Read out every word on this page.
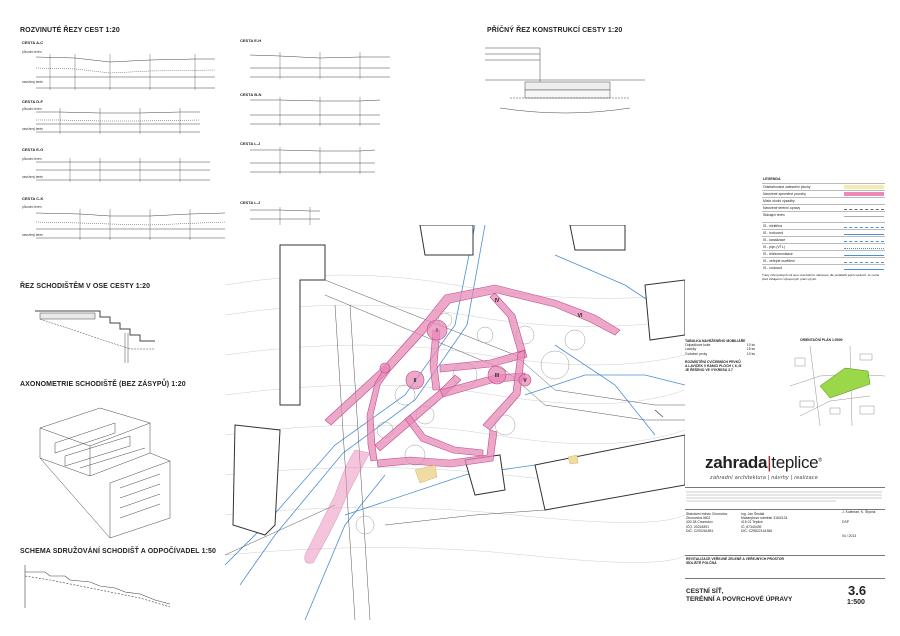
ROZVINUTÉ ŘEZY CEST 1:20	PŘÍČNÝ ŘEZ KONSTRUKCÍ CESTY 1:20
ŘEZ SCHODIŠTĚM V OSE CESTY 1:20
AXONOMETRIE SCHODIŠTĚ (BEZ ZÁSYPŮ) 1:20
SCHEMA SDRUŽOVÁNÍ SCHODIŠŤ A ODPOČÍVADEL 1:50
CESTA A-C
CESTA D-F
CESTA E-G
CESTA C-K
původní terén
navržený terén
původní terén
navržený terén
původní terén
navržený terén
původní terén
navržený terén
CESTA E-H
CESTA B-N
CESTA L-J
CESTA L-J
I
II
III
IV
V
VI
LEGENDA
Odstraňované zálesnění plochy
Navržené zpevněné povrchy
Místo okolní výsadby
Navržené terénní úpravy
Stávající terén
IS - elektřina
IS - horkovod
IS - kanalizace
IS - plyn (VTL)
IS - telekomunikace
IS - veřejné osvětlení
IS - vodovod
Trasy inženýrských sítí jsou orientačním zákresem dle podkladů jejich správců. Je nutné před zahájením výkopových prací vytyčit.
TABULKA NAVRŽENÉHO MOBILIÁŘE
Odpadkové koše	10 ks
Lavičky	15 ks
Cvičební prvky	10 ks
ROZMÍSTĚNÍ CVIČEBNÍCH PRVKŮ
A LAVIČEK V RÁMCI PLOCH I, II, III
JE ŘEŠENO VE VÝKRESU 3.7
ORIENTAČNÍ PLÁN 1:5000
zahrada|teplice®
zahradní architektura | návrhy | realizace
Statutární město Chomutov
Zborovská 4602
430 28 Chomutov
IČO: 00261891
DIČ: CZ00261891
Ing. Jan Šesták
Masarykovo náměstí 3163/124
415 01 Teplice
IČ: 87340439
DIČ: CZ9822144356
J. Koleman, K. Štycha
DSP
04 / 2013
REVITALIZACE VEŘEJNÉ ZELENĚ A VEŘEJNÝCH PROSTOR
SÍDLIŠTĚ POLČNÁ
CESTNÍ SÍŤ,
TERÉNNÍ A POVRCHOVÉ ÚPRAVY
3.6
1:500
